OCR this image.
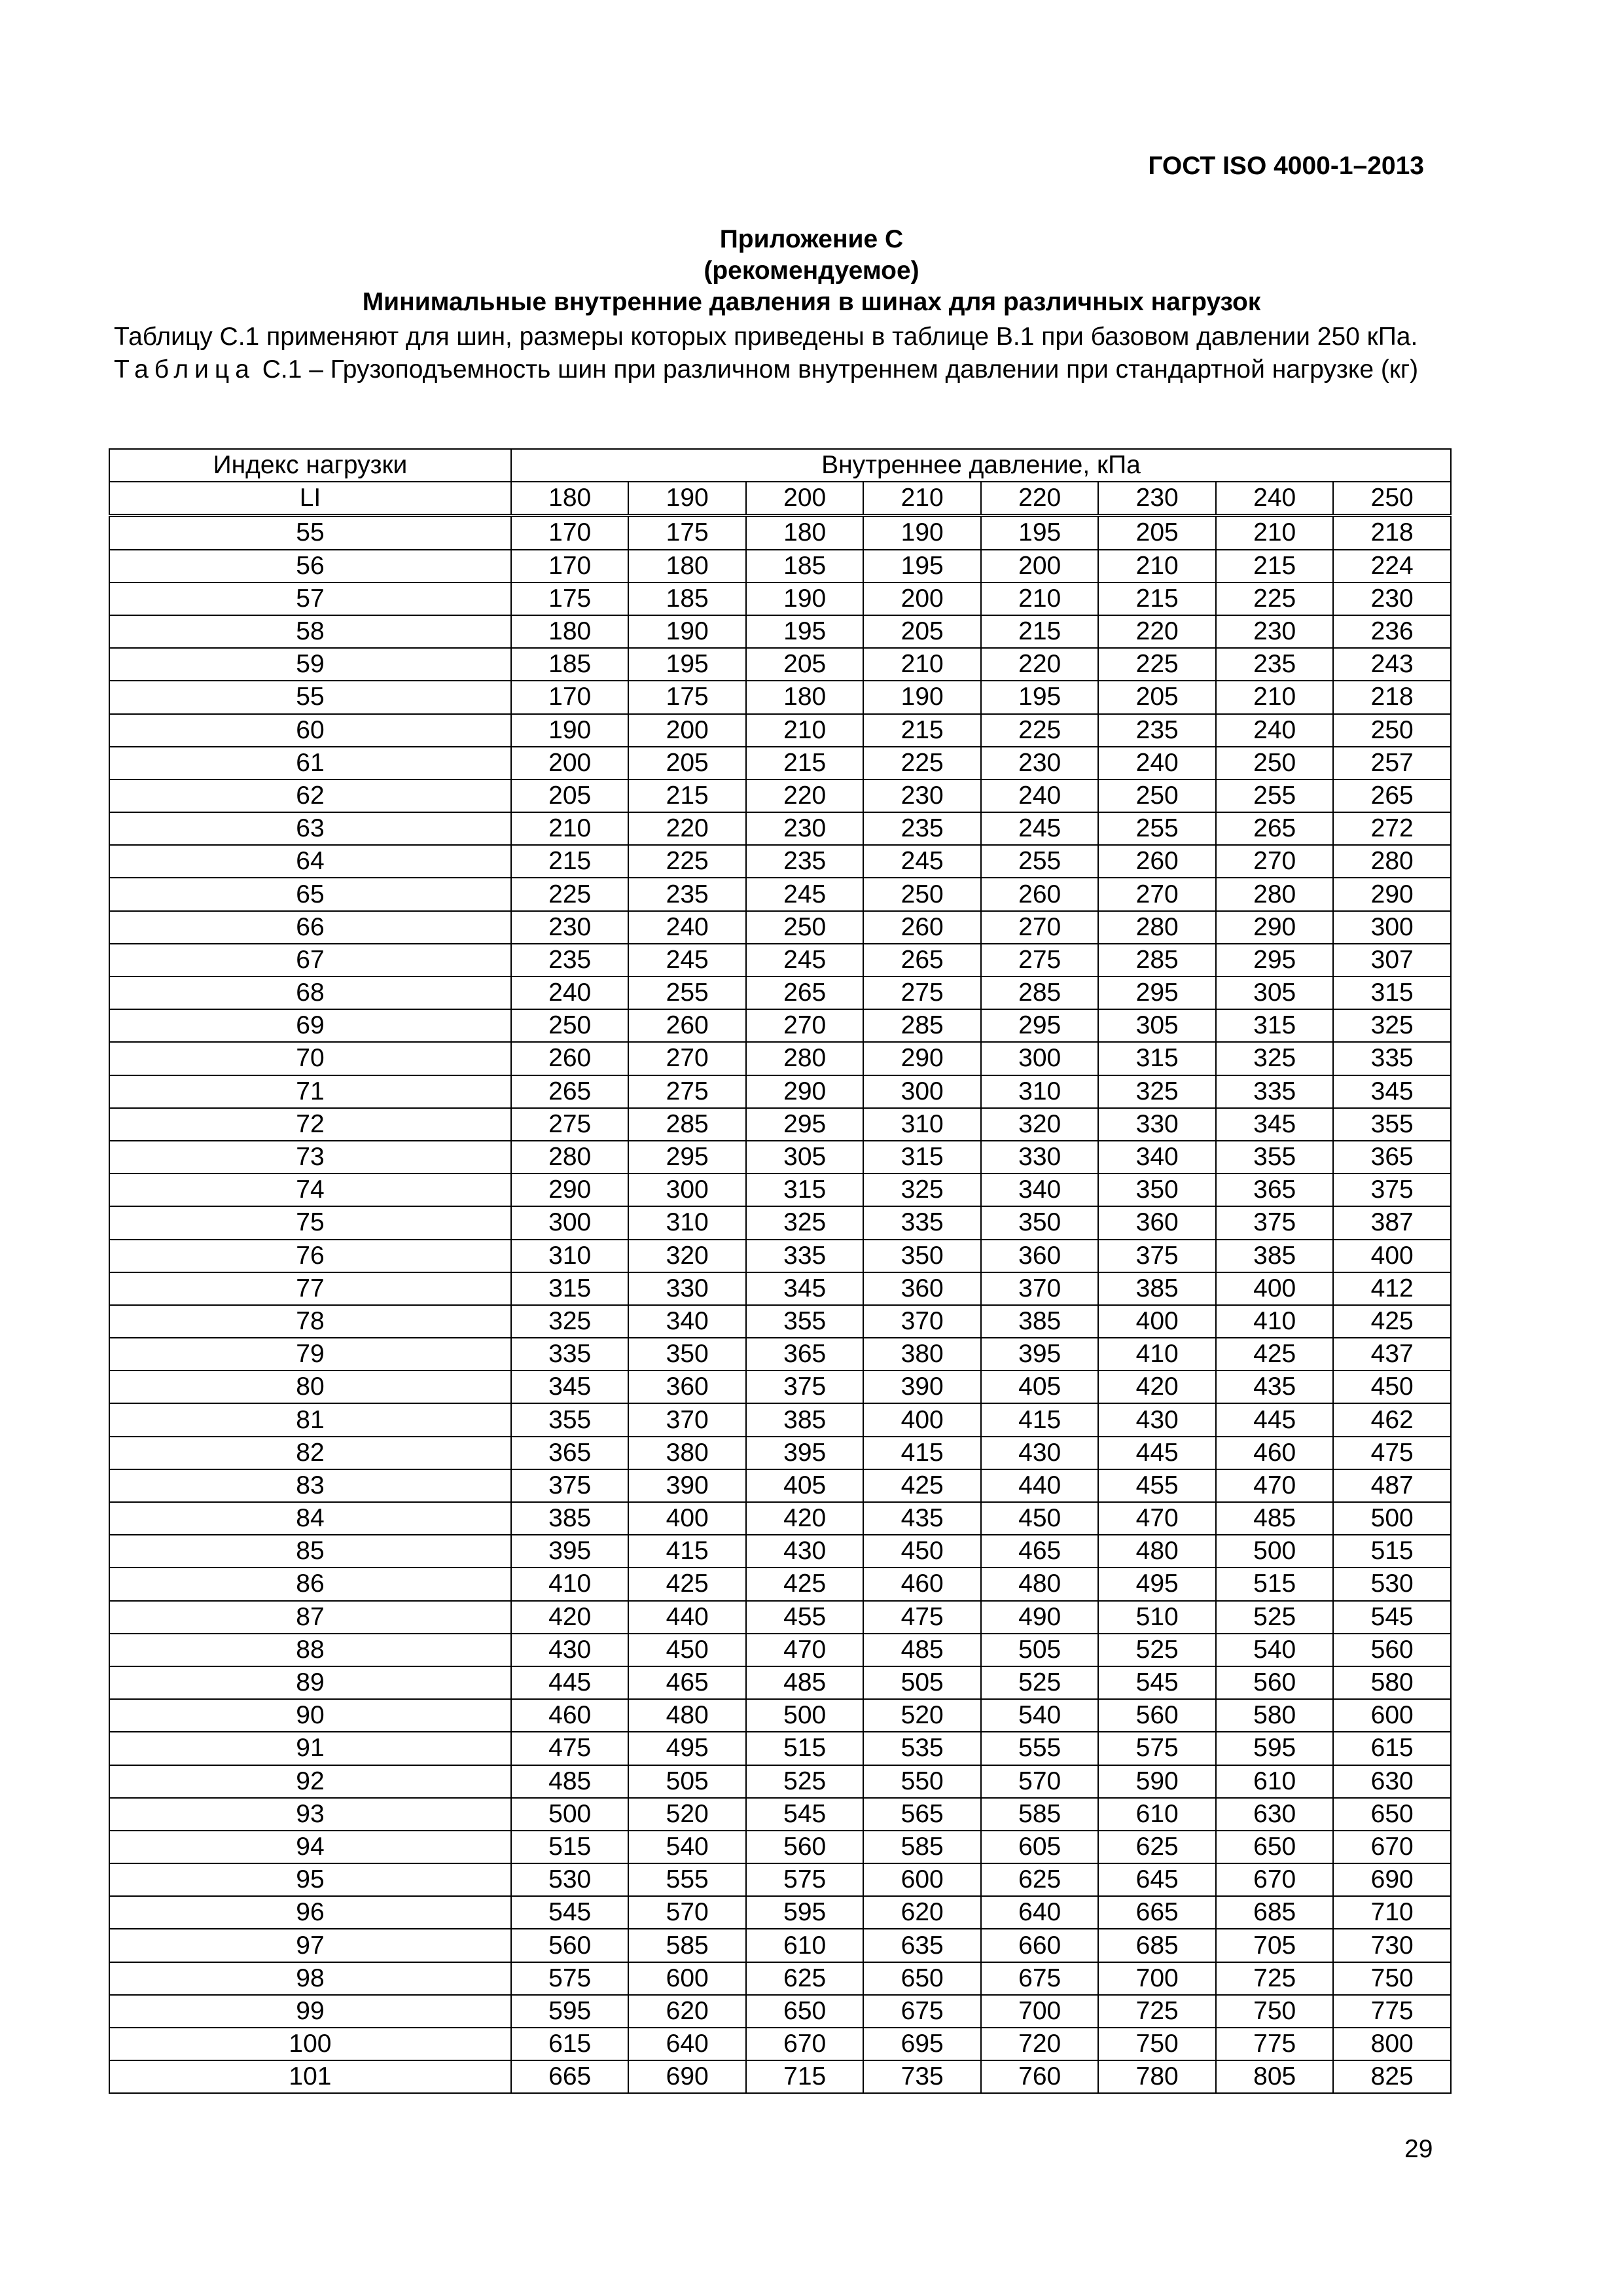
ГОСТ ISO 4000-1–2013
Приложение С
(рекомендуемое)
Минимальные внутренние давления в шинах для различных нагрузок
Таблицу С.1 применяют для шин, размеры которых приведены в таблице В.1 при базовом давлении 250 кПа.
Таблица С.1 – Грузоподъемность шин при различном внутреннем давлении при стандартной нагрузке (кг)
Индекс нагрузки	Внутреннее давление, кПа							
LI	180	190	200	210	220	230	240	250
55	170	175	180	190	195	205	210	218
56	170	180	185	195	200	210	215	224
57	175	185	190	200	210	215	225	230
58	180	190	195	205	215	220	230	236
59	185	195	205	210	220	225	235	243
55	170	175	180	190	195	205	210	218
60	190	200	210	215	225	235	240	250
61	200	205	215	225	230	240	250	257
62	205	215	220	230	240	250	255	265
63	210	220	230	235	245	255	265	272
64	215	225	235	245	255	260	270	280
65	225	235	245	250	260	270	280	290
66	230	240	250	260	270	280	290	300
67	235	245	245	265	275	285	295	307
68	240	255	265	275	285	295	305	315
69	250	260	270	285	295	305	315	325
70	260	270	280	290	300	315	325	335
71	265	275	290	300	310	325	335	345
72	275	285	295	310	320	330	345	355
73	280	295	305	315	330	340	355	365
74	290	300	315	325	340	350	365	375
75	300	310	325	335	350	360	375	387
76	310	320	335	350	360	375	385	400
77	315	330	345	360	370	385	400	412
78	325	340	355	370	385	400	410	425
79	335	350	365	380	395	410	425	437
80	345	360	375	390	405	420	435	450
81	355	370	385	400	415	430	445	462
82	365	380	395	415	430	445	460	475
83	375	390	405	425	440	455	470	487
84	385	400	420	435	450	470	485	500
85	395	415	430	450	465	480	500	515
86	410	425	425	460	480	495	515	530
87	420	440	455	475	490	510	525	545
88	430	450	470	485	505	525	540	560
89	445	465	485	505	525	545	560	580
90	460	480	500	520	540	560	580	600
91	475	495	515	535	555	575	595	615
92	485	505	525	550	570	590	610	630
93	500	520	545	565	585	610	630	650
94	515	540	560	585	605	625	650	670
95	530	555	575	600	625	645	670	690
96	545	570	595	620	640	665	685	710
97	560	585	610	635	660	685	705	730
98	575	600	625	650	675	700	725	750
99	595	620	650	675	700	725	750	775
100	615	640	670	695	720	750	775	800
101	665	690	715	735	760	780	805	825
29
